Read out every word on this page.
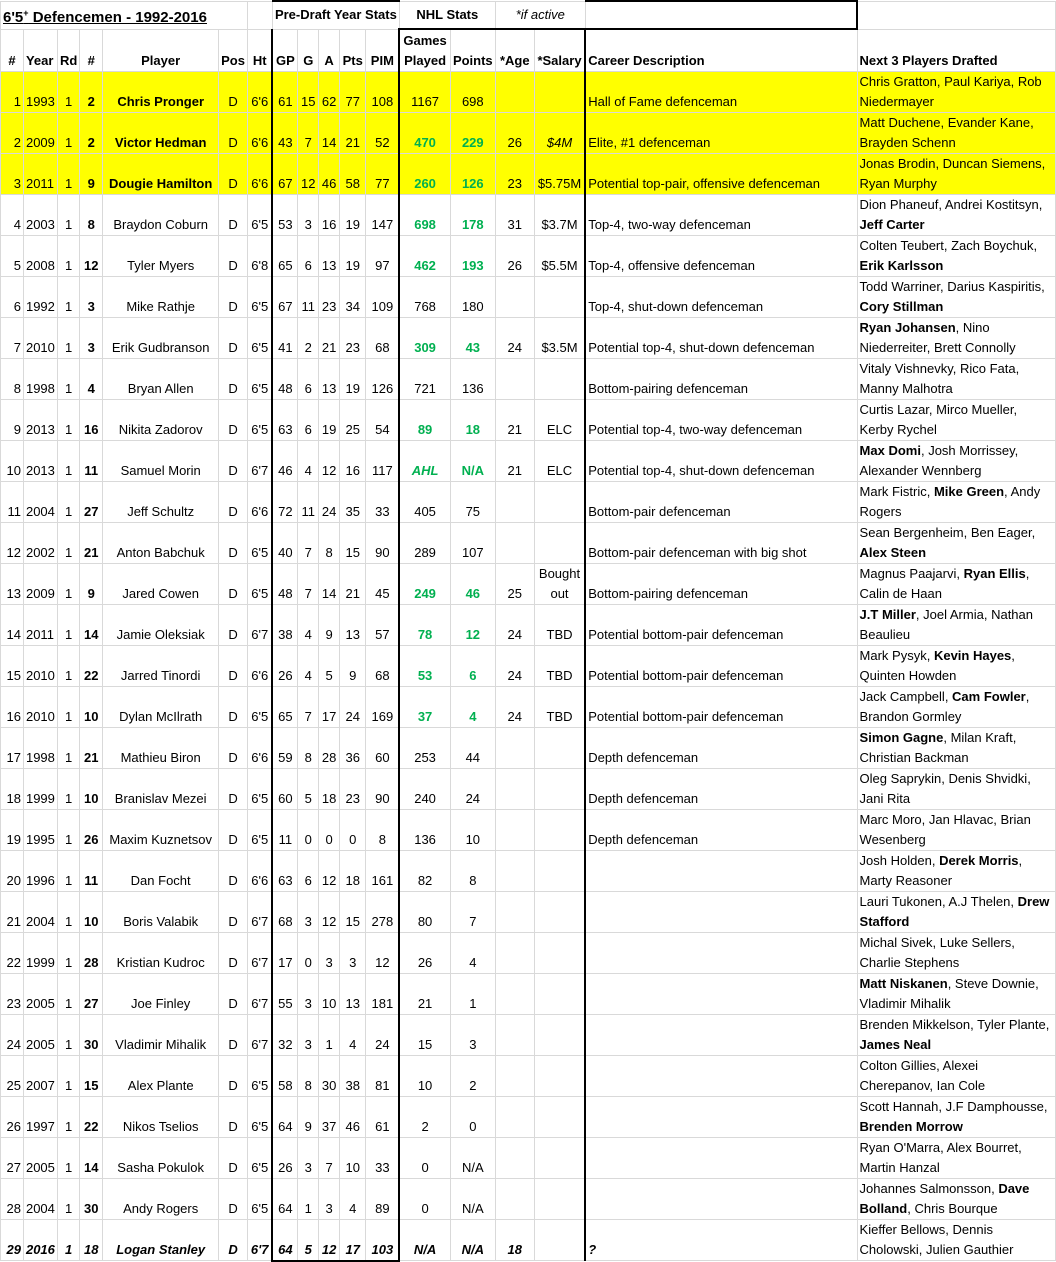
6'5+ Defencemen - 1992-2016							Pre-Draft Year Stats					NHL Stats		*if active			
#	Year	Rd	#	Player	Pos	Ht	GP	G	A	Pts	PIM	Games Played	Points	*Age	*Salary	Career Description	Next 3 Players Drafted
1	1993	1	2	Chris Pronger	D	6'6	61	15	62	77	108	1167	698			Hall of Fame defenceman	Chris Gratton, Paul Kariya, Rob Niedermayer
2	2009	1	2	Victor Hedman	D	6'6	43	7	14	21	52	470	229	26	$4M	Elite, #1 defenceman	Matt Duchene, Evander Kane, Brayden Schenn
3	2011	1	9	Dougie Hamilton	D	6'6	67	12	46	58	77	260	126	23	$5.75M	Potential top-pair, offensive defenceman	Jonas Brodin, Duncan Siemens, Ryan Murphy
4	2003	1	8	Braydon Coburn	D	6'5	53	3	16	19	147	698	178	31	$3.7M	Top-4, two-way defenceman	Dion Phaneuf, Andrei Kostitsyn, Jeff Carter
5	2008	1	12	Tyler Myers	D	6'8	65	6	13	19	97	462	193	26	$5.5M	Top-4, offensive defenceman	Colten Teubert, Zach Boychuk, Erik Karlsson
6	1992	1	3	Mike Rathje	D	6'5	67	11	23	34	109	768	180			Top-4, shut-down defenceman	Todd Warriner, Darius Kaspiritis, Cory Stillman
7	2010	1	3	Erik Gudbranson	D	6'5	41	2	21	23	68	309	43	24	$3.5M	Potential top-4, shut-down defenceman	Ryan Johansen, Nino Niederreiter, Brett Connolly
8	1998	1	4	Bryan Allen	D	6'5	48	6	13	19	126	721	136			Bottom-pairing defenceman	Vitaly Vishnevky, Rico Fata, Manny Malhotra
9	2013	1	16	Nikita Zadorov	D	6'5	63	6	19	25	54	89	18	21	ELC	Potential top-4, two-way defenceman	Curtis Lazar, Mirco Mueller, Kerby Rychel
10	2013	1	11	Samuel Morin	D	6'7	46	4	12	16	117	AHL	N/A	21	ELC	Potential top-4, shut-down defenceman	Max Domi, Josh Morrissey, Alexander Wennberg
11	2004	1	27	Jeff Schultz	D	6'6	72	11	24	35	33	405	75			Bottom-pair defenceman	Mark Fistric, Mike Green, Andy Rogers
12	2002	1	21	Anton Babchuk	D	6'5	40	7	8	15	90	289	107			Bottom-pair defenceman with big shot	Sean Bergenheim, Ben Eager, Alex Steen
13	2009	1	9	Jared Cowen	D	6'5	48	7	14	21	45	249	46	25	Bought out	Bottom-pairing defenceman	Magnus Paajarvi, Ryan Ellis, Calin de Haan
14	2011	1	14	Jamie Oleksiak	D	6'7	38	4	9	13	57	78	12	24	TBD	Potential bottom-pair defenceman	J.T Miller, Joel Armia, Nathan Beaulieu
15	2010	1	22	Jarred Tinordi	D	6'6	26	4	5	9	68	53	6	24	TBD	Potential bottom-pair defenceman	Mark Pysyk, Kevin Hayes, Quinten Howden
16	2010	1	10	Dylan McIlrath	D	6'5	65	7	17	24	169	37	4	24	TBD	Potential bottom-pair defenceman	Jack Campbell, Cam Fowler, Brandon Gormley
17	1998	1	21	Mathieu Biron	D	6'6	59	8	28	36	60	253	44			Depth defenceman	Simon Gagne, Milan Kraft, Christian Backman
18	1999	1	10	Branislav Mezei	D	6'5	60	5	18	23	90	240	24			Depth defenceman	Oleg Saprykin, Denis Shvidki, Jani Rita
19	1995	1	26	Maxim Kuznetsov	D	6'5	11	0	0	0	8	136	10			Depth defenceman	Marc Moro, Jan Hlavac, Brian Wesenberg
20	1996	1	11	Dan Focht	D	6'6	63	6	12	18	161	82	8				Josh Holden, Derek Morris, Marty Reasoner
21	2004	1	10	Boris Valabik	D	6'7	68	3	12	15	278	80	7				Lauri Tukonen, A.J Thelen, Drew Stafford
22	1999	1	28	Kristian Kudroc	D	6'7	17	0	3	3	12	26	4				Michal Sivek, Luke Sellers, Charlie Stephens
23	2005	1	27	Joe Finley	D	6'7	55	3	10	13	181	21	1				Matt Niskanen, Steve Downie, Vladimir Mihalik
24	2005	1	30	Vladimir Mihalik	D	6'7	32	3	1	4	24	15	3				Brenden Mikkelson, Tyler Plante, James Neal
25	2007	1	15	Alex Plante	D	6'5	58	8	30	38	81	10	2				Colton Gillies, Alexei Cherepanov, Ian Cole
26	1997	1	22	Nikos Tselios	D	6'5	64	9	37	46	61	2	0				Scott Hannah, J.F Damphousse, Brenden Morrow
27	2005	1	14	Sasha Pokulok	D	6'5	26	3	7	10	33	0	N/A				Ryan O'Marra, Alex Bourret, Martin Hanzal
28	2004	1	30	Andy Rogers	D	6'5	64	1	3	4	89	0	N/A				Johannes Salmonsson, Dave Bolland, Chris Bourque
29	2016	1	18	Logan Stanley	D	6'7	64	5	12	17	103	N/A	N/A	18		?	Kieffer Bellows, Dennis Cholowski, Julien Gauthier
